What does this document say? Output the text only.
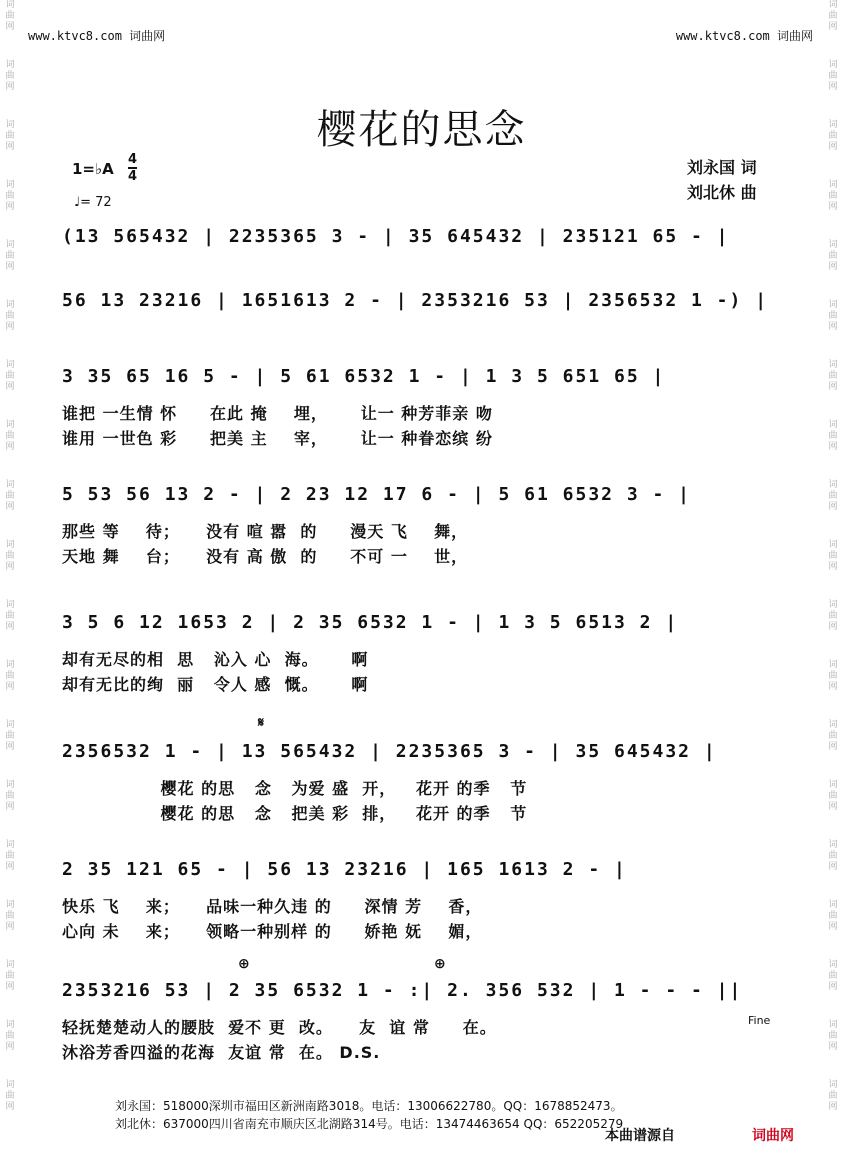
词曲网
词曲网
词曲网
词曲网
词曲网
词曲网
词曲网
词曲网
词曲网
词曲网
词曲网
词曲网
词曲网
词曲网
词曲网
词曲网
词曲网
词曲网
词曲网
词曲网
词曲网
词曲网
词曲网
词曲网
词曲网
词曲网
词曲网
词曲网
词曲网
词曲网
词曲网
词曲网
词曲网
词曲网
词曲网
词曲网
词曲网
词曲网
www.ktvc8.com 词曲网	www.ktvc8.com 词曲网
樱花的思念
1=♭A
4
4
♩= 72
刘永国 词
刘北休 曲
(13 565432 | 2235365 3 - | 35 645432 | 235121 65 - |
56 13 23216 | 1651613 2 - | 2353216 53 | 2356532 1 -) |
3 35 65 16 5 - | 5 61 6532 1 - | 1 3 5 651 65 |
谁把 一生情 怀     在此 掩    埋，     让一 种芳菲亲 吻
谁用 一世色 彩     把美 主    宰，     让一 种眷恋缤 纷
5 53 56 13 2 - | 2 23 12 17 6 - | 5 61 6532 3 - |
那些 等    待；    没有 喧 嚣  的     漫天 飞    舞，
天地 舞    台；    没有 高 傲  的     不可 一    世，
3 5 6 12 1653 2 | 2 35 6532 1 - | 1 3 5 6513 2 |
却有无尽的相  思   沁入 心  海。     啊
却有无比的绚  丽   令人 感  慨。     啊
𝄋
2356532 1 - | 13 565432 | 2235365 3 - | 35 645432 |
樱花 的思   念   为爱 盛  开，   花开 的季   节
樱花 的思   念   把美 彩  排，   花开 的季   节
2 35 121 65 - | 56 13 23216 | 165 1613 2 - |
快乐 飞    来；    品味一种久违 的     深情 芳    香，
心向 未    来；    领略一种别样 的     娇艳 妩    媚，
⊕	⊕
2353216 53 | 2 35 6532 1 - :| 2. 356 532 | 1 - - - ||
轻抚楚楚动人的腰肢  爱不 更  改。    友  谊 常     在。
沐浴芳香四溢的花海  友谊 常  在。 D.S.
Fine
刘永国：518000深圳市福田区新洲南路3018。电话：13006622780。QQ：1678852473。
刘北休：637000四川省南充市顺庆区北湖路314号。电话：13474463654 QQ：652205279
本曲谱源自	词曲网
